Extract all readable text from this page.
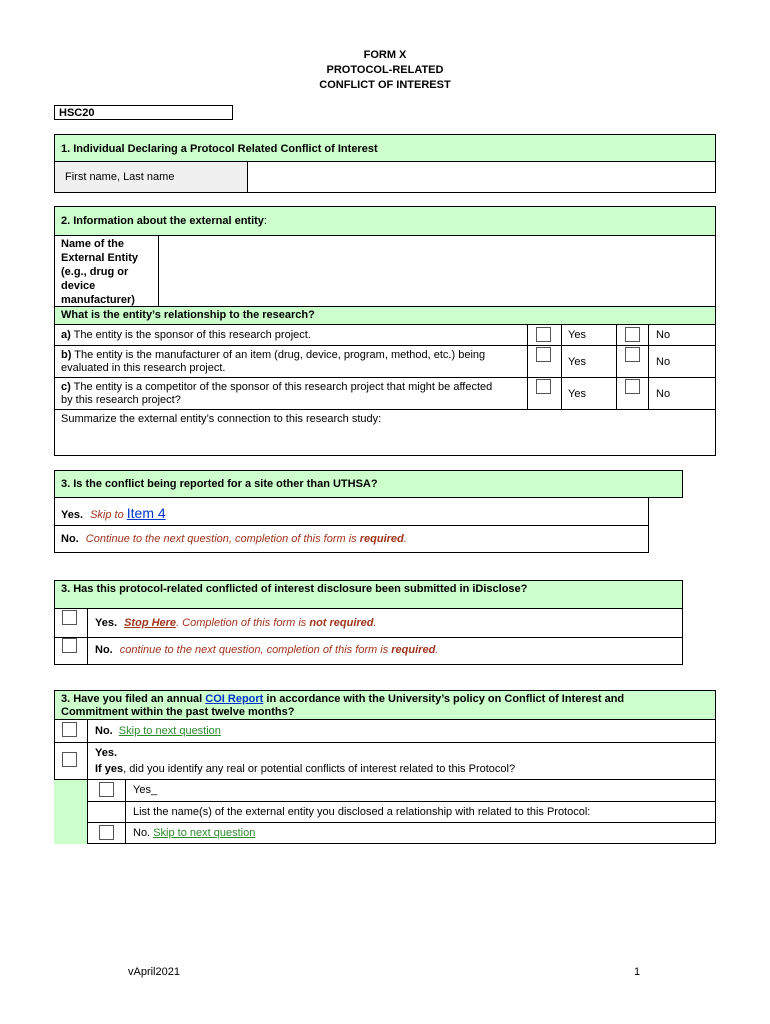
FORM X
PROTOCOL-RELATED
CONFLICT OF INTEREST
HSC20
1. Individual Declaring a Protocol Related Conflict of Interest
First name, Last name
2. Information about the external entity:
Name of the
External Entity
(e.g., drug or
device
manufacturer)
What is the entity’s relationship to the research?
a) The entity is the sponsor of this research project.	Yes	No
b) The entity is the manufacturer of an item (drug, device, program, method, etc.) being
evaluated in this research project.	Yes	No
c) The entity is a competitor of the sponsor of this research project that might be affected
by this research project?	Yes	No
Summarize the external entity’s connection to this research study:
3. Is the conflict being reported for a site other than UTHSA?
Yes. Skip to Item 4
No. Continue to the next question, completion of this form is required.
3. Has this protocol-related conflicted of interest disclosure been submitted in iDisclose?
Yes. Stop Here. Completion of this form is not required.
No. continue to the next question, completion of this form is required.
3. Have you filed an annual COI Report in accordance with the University’s policy on Conflict of Interest and
Commitment within the past twelve months?
No. Skip to next question
Yes.
If yes, did you identify any real or potential conflicts of interest related to this Protocol?
Yes_
List the name(s) of the external entity you disclosed a relationship with related to this Protocol:
No. Skip to next question
vApril2021	1
